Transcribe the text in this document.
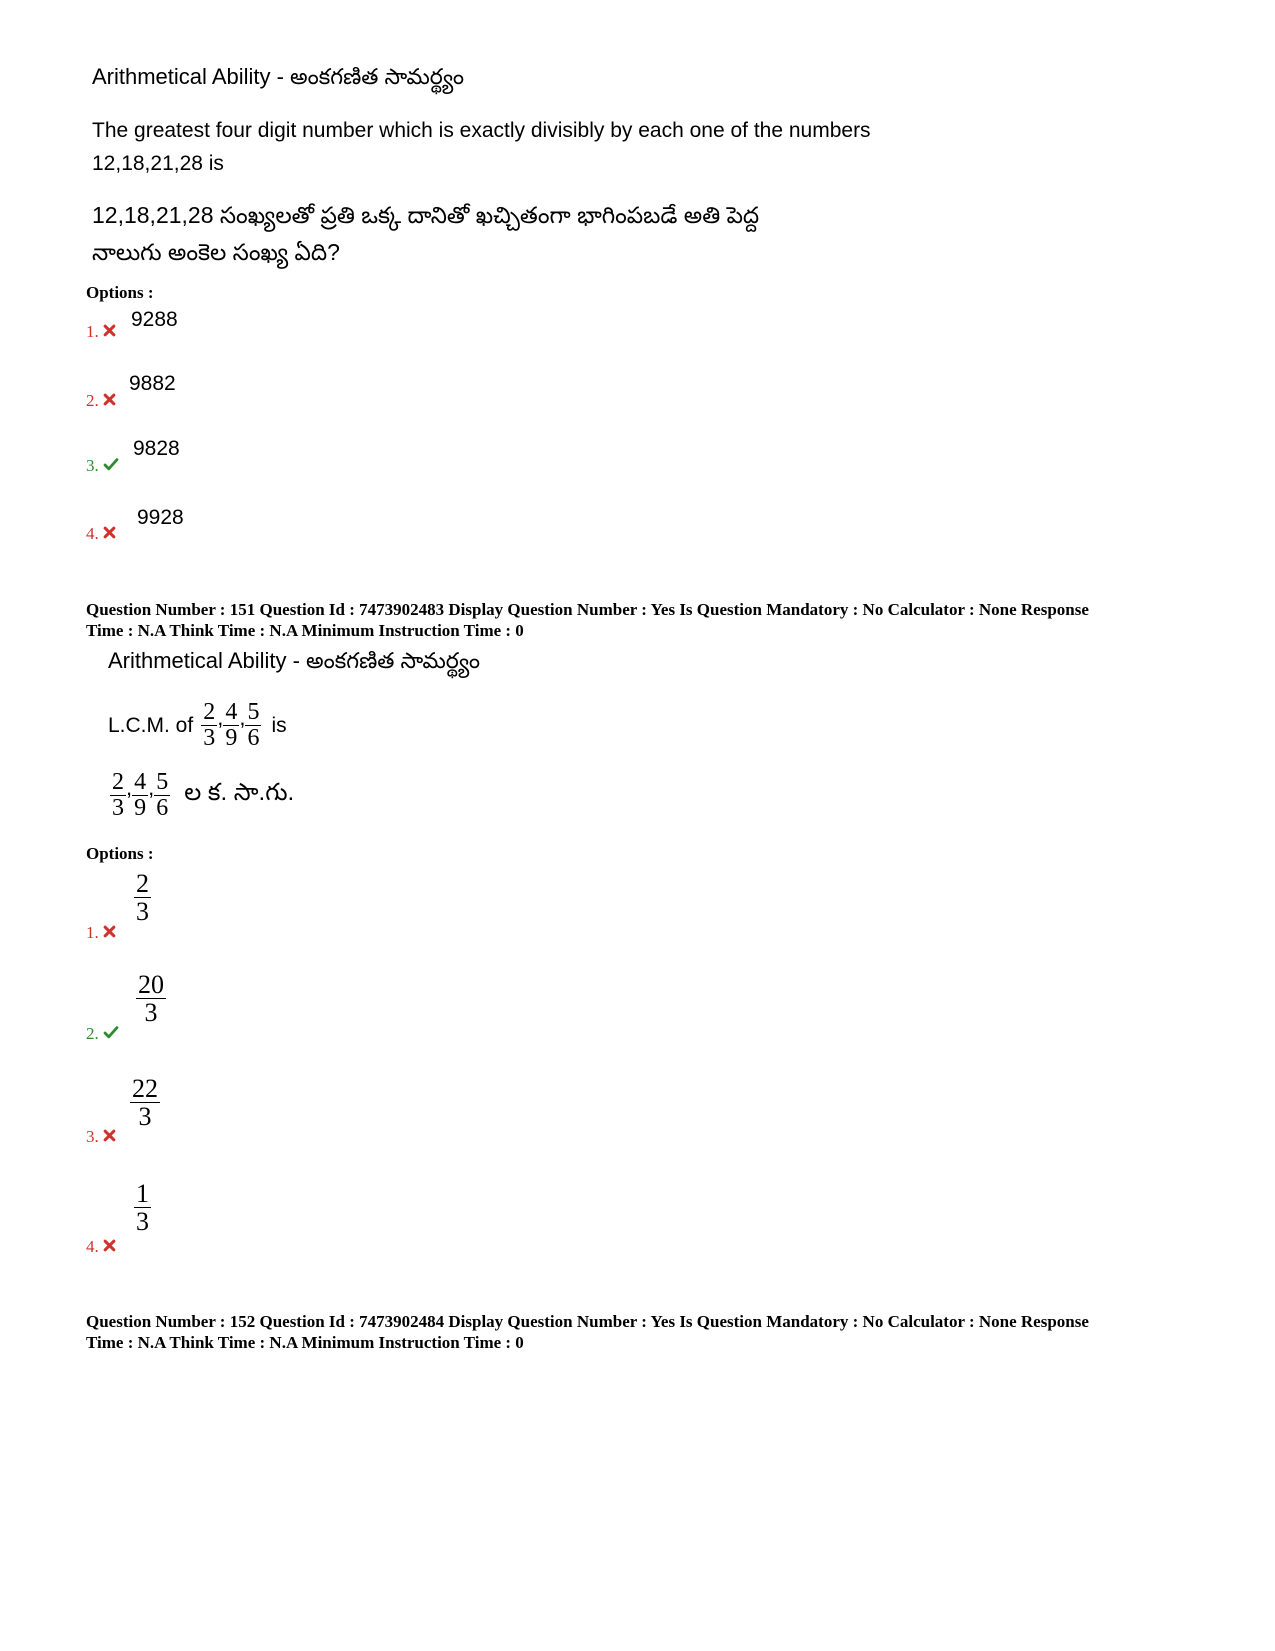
Arithmetical Ability - అంకగణిత సామర్థ్యం
The greatest four digit number which is exactly divisibly by each one of the numbers
12,18,21,28 is
12,18,21,28 సంఖ్యలతో ప్రతి ఒక్క దానితో ఖచ్చితంగా భాగింపబడే అతి పెద్ద
నాలుగు అంకెల సంఖ్య ఏది?
Options :
1.
9288
2.
9882
3.
9828
4.
9928
Question Number : 151 Question Id : 7473902483 Display Question Number : Yes Is Question Mandatory : No Calculator : None Response
Time : N.A Think Time : N.A Minimum Instruction Time : 0
Arithmetical Ability - అంకగణిత సామర్థ్యం
L.C.M. of $\frac{2}{3}$ , $\frac{4}{9}$ , $\frac{5}{6}$ is
$\frac{2}{3}$ , $\frac{4}{9}$ , $\frac{5}{6}$ ల క. సా.గు.
Options :
1.
$\frac{2}{3}$
2.
$\frac{20}{3}$
3.
$\frac{22}{3}$
4.
$\frac{1}{3}$
Question Number : 152 Question Id : 7473902484 Display Question Number : Yes Is Question Mandatory : No Calculator : None Response
Time : N.A Think Time : N.A Minimum Instruction Time : 0
